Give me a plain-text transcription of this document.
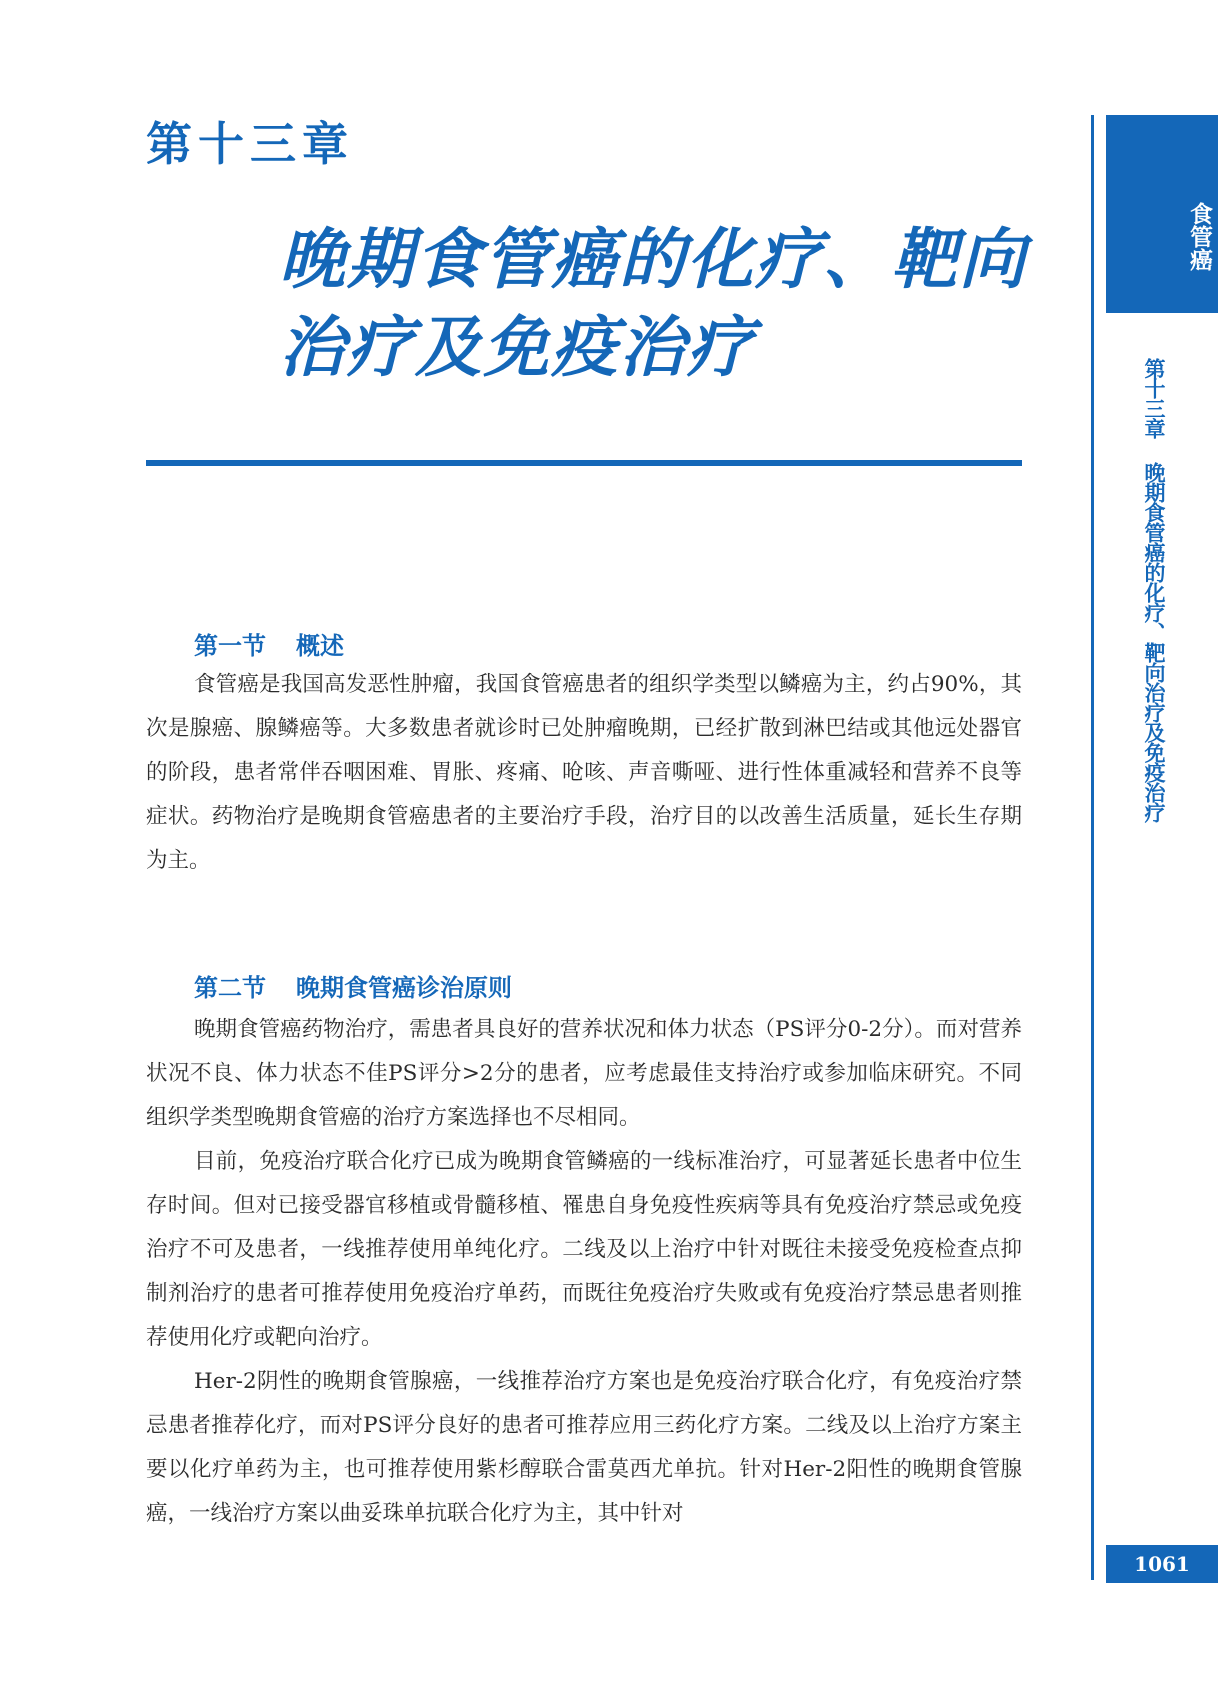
第十三章
晚期食管癌的化疗、靶向
治疗及免疫治疗
第一节 概述

食管癌是我国高发恶性肿瘤，我国食管癌患者的组织学类型以鳞癌为主，约占90%，其次是腺癌、腺鳞癌等。大多数患者就诊时已处肿瘤晚期，已经扩散到淋巴结或其他远处器官的阶段，患者常伴吞咽困难、胃胀、疼痛、呛咳、声音嘶哑、进行性体重减轻和营养不良等症状。药物治疗是晚期食管癌患者的主要治疗手段，治疗目的以改善生活质量，延长生存期为主。

第二节 晚期食管癌诊治原则

晚期食管癌药物治疗，需患者具良好的营养状况和体力状态（PS评分0-2分）。而对营养状况不良、体力状态不佳PS评分>2分的患者，应考虑最佳支持治疗或参加临床研究。不同组织学类型晚期食管癌的治疗方案选择也不尽相同。

目前，免疫治疗联合化疗已成为晚期食管鳞癌的一线标准治疗，可显著延长患者中位生存时间。但对已接受器官移植或骨髓移植、罹患自身免疫性疾病等具有免疫治疗禁忌或免疫治疗不可及患者，一线推荐使用单纯化疗。二线及以上治疗中针对既往未接受免疫检查点抑制剂治疗的患者可推荐使用免疫治疗单药，而既往免疫治疗失败或有免疫治疗禁忌患者则推荐使用化疗或靶向治疗。

Her-2阴性的晚期食管腺癌，一线推荐治疗方案也是免疫治疗联合化疗，有免疫治疗禁忌患者推荐化疗，而对PS评分良好的患者可推荐应用三药化疗方案。二线及以上治疗方案主要以化疗单药为主，也可推荐使用紫杉醇联合雷莫西尤单抗。针对Her-2阳性的晚期食管腺癌，一线治疗方案以曲妥珠单抗联合化疗为主，其中针对

食管癌
第十三章 晚期食管癌的化疗、靶向治疗及免疫治疗
1061
